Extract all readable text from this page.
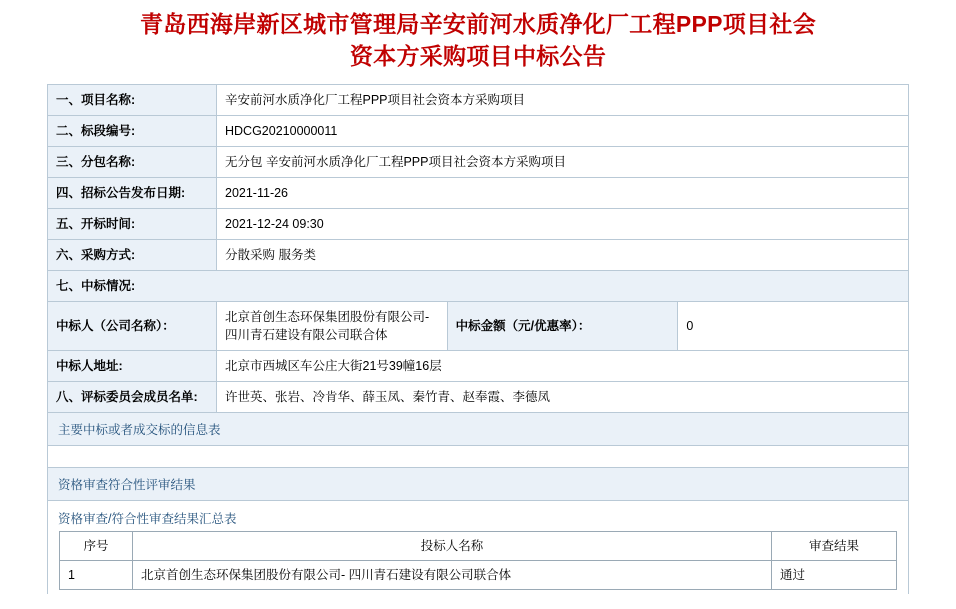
青岛西海岸新区城市管理局辛安前河水质净化厂工程PPP项目社会
资本方采购项目中标公告
一、项目名称:	辛安前河水质净化厂工程PPP项目社会资本方采购项目		
二、标段编号:	HDCG20210000011		
三、分包名称:	无分包 辛安前河水质净化厂工程PPP项目社会资本方采购项目		
四、招标公告发布日期:	2021-11-26		
五、开标时间:	2021-12-24 09:30		
六、采购方式:	分散采购 服务类		
七、中标情况:			
中标人（公司名称）：	北京首创生态环保集团股份有限公司- 四川青石建设有限公司联合体	中标金额（元/优惠率）：	0
中标人地址:	北京市西城区车公庄大街21号39幢16层		
八、评标委员会成员名单:	许世英、张岩、冷肯华、薛玉凤、秦竹青、赵奉霞、李德凤		
主要中标或者成交标的信息表
资格审查符合性评审结果
资格审查/符合性审查结果汇总表
序号	投标人名称	审查结果
1	北京首创生态环保集团股份有限公司- 四川青石建设有限公司联合体	通过
